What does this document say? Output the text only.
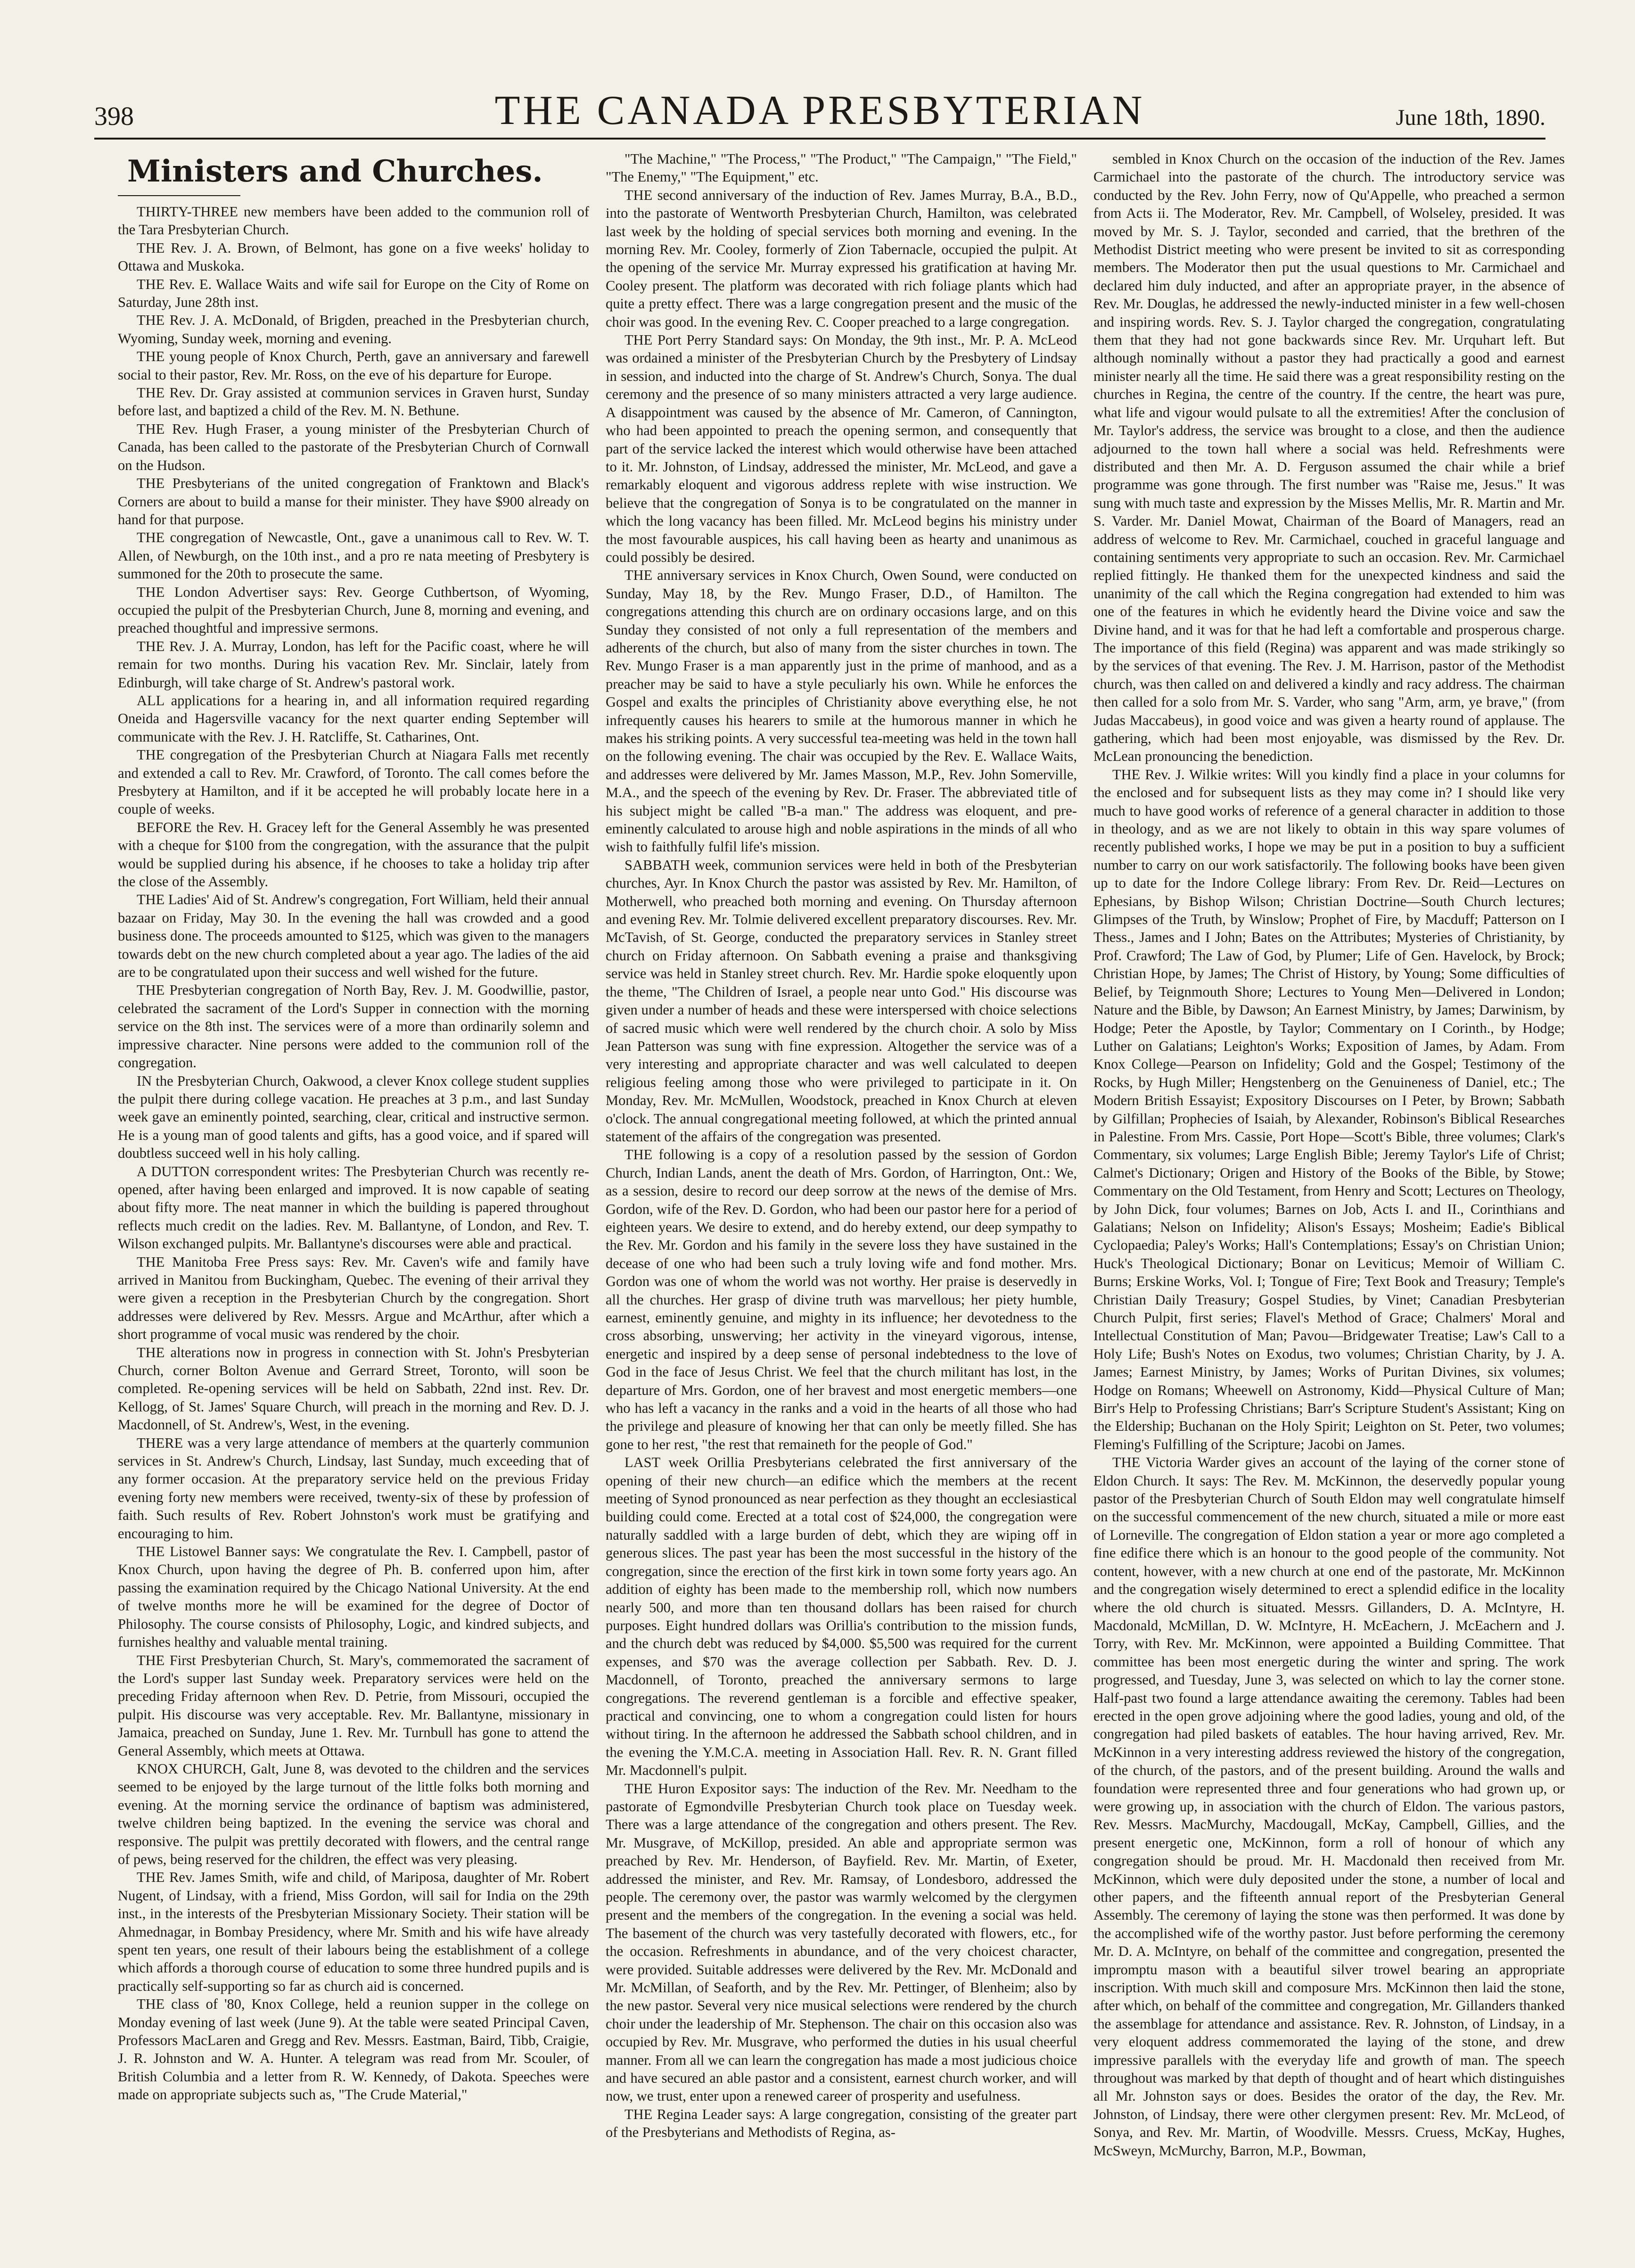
398	THE CANADA PRESBYTERIAN	June 18th, 1890.
Ministers and Churches.

THIRTY-THREE new members have been added to the communion roll of the Tara Presbyterian Church.

THE Rev. J. A. Brown, of Belmont, has gone on a five weeks' holiday to Ottawa and Muskoka.

THE Rev. E. Wallace Waits and wife sail for Europe on the City of Rome on Saturday, June 28th inst.

THE Rev. J. A. McDonald, of Brigden, preached in the Presbyterian church, Wyoming, Sunday week, morning and evening.

THE young people of Knox Church, Perth, gave an anniversary and farewell social to their pastor, Rev. Mr. Ross, on the eve of his departure for Europe.

THE Rev. Dr. Gray assisted at communion services in Graven hurst, Sunday before last, and baptized a child of the Rev. M. N. Bethune.

THE Rev. Hugh Fraser, a young minister of the Presbyterian Church of Canada, has been called to the pastorate of the Presbyterian Church of Cornwall on the Hudson.

THE Presbyterians of the united congregation of Franktown and Black's Corners are about to build a manse for their minister. They have $900 already on hand for that purpose.

THE congregation of Newcastle, Ont., gave a unanimous call to Rev. W. T. Allen, of Newburgh, on the 10th inst., and a pro re nata meeting of Presbytery is summoned for the 20th to prosecute the same.

THE London Advertiser says: Rev. George Cuthbertson, of Wyoming, occupied the pulpit of the Presbyterian Church, June 8, morning and evening, and preached thoughtful and impressive sermons.

THE Rev. J. A. Murray, London, has left for the Pacific coast, where he will remain for two months. During his vacation Rev. Mr. Sinclair, lately from Edinburgh, will take charge of St. Andrew's pastoral work.

ALL applications for a hearing in, and all information required regarding Oneida and Hagersville vacancy for the next quarter ending September will communicate with the Rev. J. H. Ratcliffe, St. Catharines, Ont.

THE congregation of the Presbyterian Church at Niagara Falls met recently and extended a call to Rev. Mr. Crawford, of Toronto. The call comes before the Presbytery at Hamilton, and if it be accepted he will probably locate here in a couple of weeks.

BEFORE the Rev. H. Gracey left for the General Assembly he was presented with a cheque for $100 from the congregation, with the assurance that the pulpit would be supplied during his absence, if he chooses to take a holiday trip after the close of the Assembly.

THE Ladies' Aid of St. Andrew's congregation, Fort William, held their annual bazaar on Friday, May 30. In the evening the hall was crowded and a good business done. The proceeds amounted to $125, which was given to the managers towards debt on the new church completed about a year ago. The ladies of the aid are to be congratulated upon their success and well wished for the future.

THE Presbyterian congregation of North Bay, Rev. J. M. Goodwillie, pastor, celebrated the sacrament of the Lord's Supper in connection with the morning service on the 8th inst. The services were of a more than ordinarily solemn and impressive character. Nine persons were added to the communion roll of the congregation.

IN the Presbyterian Church, Oakwood, a clever Knox college student supplies the pulpit there during college vacation. He preaches at 3 p.m., and last Sunday week gave an eminently pointed, searching, clear, critical and instructive sermon. He is a young man of good talents and gifts, has a good voice, and if spared will doubtless succeed well in his holy calling.

A DUTTON correspondent writes: The Presbyterian Church was recently re-opened, after having been enlarged and improved. It is now capable of seating about fifty more. The neat manner in which the building is papered throughout reflects much credit on the ladies. Rev. M. Ballantyne, of London, and Rev. T. Wilson exchanged pulpits. Mr. Ballantyne's discourses were able and practical.

THE Manitoba Free Press says: Rev. Mr. Caven's wife and family have arrived in Manitou from Buckingham, Quebec. The evening of their arrival they were given a reception in the Presbyterian Church by the congregation. Short addresses were delivered by Rev. Messrs. Argue and McArthur, after which a short programme of vocal music was rendered by the choir.

THE alterations now in progress in connection with St. John's Presbyterian Church, corner Bolton Avenue and Gerrard Street, Toronto, will soon be completed. Re-opening services will be held on Sabbath, 22nd inst. Rev. Dr. Kellogg, of St. James' Square Church, will preach in the morning and Rev. D. J. Macdonnell, of St. Andrew's, West, in the evening.

THERE was a very large attendance of members at the quarterly communion services in St. Andrew's Church, Lindsay, last Sunday, much exceeding that of any former occasion. At the preparatory service held on the previous Friday evening forty new members were received, twenty-six of these by profession of faith. Such results of Rev. Robert Johnston's work must be gratifying and encouraging to him.

THE Listowel Banner says: We congratulate the Rev. I. Campbell, pastor of Knox Church, upon having the degree of Ph. B. conferred upon him, after passing the examination required by the Chicago National University. At the end of twelve months more he will be examined for the degree of Doctor of Philosophy. The course consists of Philosophy, Logic, and kindred subjects, and furnishes healthy and valuable mental training.

THE First Presbyterian Church, St. Mary's, commemorated the sacrament of the Lord's supper last Sunday week. Preparatory services were held on the preceding Friday afternoon when Rev. D. Petrie, from Missouri, occupied the pulpit. His discourse was very acceptable. Rev. Mr. Ballantyne, missionary in Jamaica, preached on Sunday, June 1. Rev. Mr. Turnbull has gone to attend the General Assembly, which meets at Ottawa.

KNOX CHURCH, Galt, June 8, was devoted to the children and the services seemed to be enjoyed by the large turnout of the little folks both morning and evening. At the morning service the ordinance of baptism was administered, twelve children being baptized. In the evening the service was choral and responsive. The pulpit was prettily decorated with flowers, and the central range of pews, being reserved for the children, the effect was very pleasing.

THE Rev. James Smith, wife and child, of Mariposa, daughter of Mr. Robert Nugent, of Lindsay, with a friend, Miss Gordon, will sail for India on the 29th inst., in the interests of the Presbyterian Missionary Society. Their station will be Ahmednagar, in Bombay Presidency, where Mr. Smith and his wife have already spent ten years, one result of their labours being the establishment of a college which affords a thorough course of education to some three hundred pupils and is practically self-supporting so far as church aid is concerned.

THE class of '80, Knox College, held a reunion supper in the college on Monday evening of last week (June 9). At the table were seated Principal Caven, Professors MacLaren and Gregg and Rev. Messrs. Eastman, Baird, Tibb, Craigie, J. R. Johnston and W. A. Hunter. A telegram was read from Mr. Scouler, of British Columbia and a letter from R. W. Kennedy, of Dakota. Speeches were made on appropriate subjects such as, "The Crude Material,"

"The Machine," "The Process," "The Product," "The Campaign," "The Field," "The Enemy," "The Equipment," etc.

THE second anniversary of the induction of Rev. James Murray, B.A., B.D., into the pastorate of Wentworth Presbyterian Church, Hamilton, was celebrated last week by the holding of special services both morning and evening. In the morning Rev. Mr. Cooley, formerly of Zion Tabernacle, occupied the pulpit. At the opening of the service Mr. Murray expressed his gratification at having Mr. Cooley present. The platform was decorated with rich foliage plants which had quite a pretty effect. There was a large congregation present and the music of the choir was good. In the evening Rev. C. Cooper preached to a large congregation.

THE Port Perry Standard says: On Monday, the 9th inst., Mr. P. A. McLeod was ordained a minister of the Presbyterian Church by the Presbytery of Lindsay in session, and inducted into the charge of St. Andrew's Church, Sonya. The dual ceremony and the presence of so many ministers attracted a very large audience. A disappointment was caused by the absence of Mr. Cameron, of Cannington, who had been appointed to preach the opening sermon, and consequently that part of the service lacked the interest which would otherwise have been attached to it. Mr. Johnston, of Lindsay, addressed the minister, Mr. McLeod, and gave a remarkably eloquent and vigorous address replete with wise instruction. We believe that the congregation of Sonya is to be congratulated on the manner in which the long vacancy has been filled. Mr. McLeod begins his ministry under the most favourable auspices, his call having been as hearty and unanimous as could possibly be desired.

THE anniversary services in Knox Church, Owen Sound, were conducted on Sunday, May 18, by the Rev. Mungo Fraser, D.D., of Hamilton. The congregations attending this church are on ordinary occasions large, and on this Sunday they consisted of not only a full representation of the members and adherents of the church, but also of many from the sister churches in town. The Rev. Mungo Fraser is a man apparently just in the prime of manhood, and as a preacher may be said to have a style peculiarly his own. While he enforces the Gospel and exalts the principles of Christianity above everything else, he not infrequently causes his hearers to smile at the humorous manner in which he makes his striking points. A very successful tea-meeting was held in the town hall on the following evening. The chair was occupied by the Rev. E. Wallace Waits, and addresses were delivered by Mr. James Masson, M.P., Rev. John Somerville, M.A., and the speech of the evening by Rev. Dr. Fraser. The abbreviated title of his subject might be called "B-a man." The address was eloquent, and pre-eminently calculated to arouse high and noble aspirations in the minds of all who wish to faithfully fulfil life's mission.

SABBATH week, communion services were held in both of the Presbyterian churches, Ayr. In Knox Church the pastor was assisted by Rev. Mr. Hamilton, of Motherwell, who preached both morning and evening. On Thursday afternoon and evening Rev. Mr. Tolmie delivered excellent preparatory discourses. Rev. Mr. McTavish, of St. George, conducted the preparatory services in Stanley street church on Friday afternoon. On Sabbath evening a praise and thanksgiving service was held in Stanley street church. Rev. Mr. Hardie spoke eloquently upon the theme, "The Children of Israel, a people near unto God." His discourse was given under a number of heads and these were interspersed with choice selections of sacred music which were well rendered by the church choir. A solo by Miss Jean Patterson was sung with fine expression. Altogether the service was of a very interesting and appropriate character and was well calculated to deepen religious feeling among those who were privileged to participate in it. On Monday, Rev. Mr. McMullen, Woodstock, preached in Knox Church at eleven o'clock. The annual congregational meeting followed, at which the printed annual statement of the affairs of the congregation was presented.

THE following is a copy of a resolution passed by the session of Gordon Church, Indian Lands, anent the death of Mrs. Gordon, of Harrington, Ont.: We, as a session, desire to record our deep sorrow at the news of the demise of Mrs. Gordon, wife of the Rev. D. Gordon, who had been our pastor here for a period of eighteen years. We desire to extend, and do hereby extend, our deep sympathy to the Rev. Mr. Gordon and his family in the severe loss they have sustained in the decease of one who had been such a truly loving wife and fond mother. Mrs. Gordon was one of whom the world was not worthy. Her praise is deservedly in all the churches. Her grasp of divine truth was marvellous; her piety humble, earnest, eminently genuine, and mighty in its influence; her devotedness to the cross absorbing, unswerving; her activity in the vineyard vigorous, intense, energetic and inspired by a deep sense of personal indebtedness to the love of God in the face of Jesus Christ. We feel that the church militant has lost, in the departure of Mrs. Gordon, one of her bravest and most energetic members—one who has left a vacancy in the ranks and a void in the hearts of all those who had the privilege and pleasure of knowing her that can only be meetly filled. She has gone to her rest, "the rest that remaineth for the people of God."

LAST week Orillia Presbyterians celebrated the first anniversary of the opening of their new church—an edifice which the members at the recent meeting of Synod pronounced as near perfection as they thought an ecclesiastical building could come. Erected at a total cost of $24,000, the congregation were naturally saddled with a large burden of debt, which they are wiping off in generous slices. The past year has been the most successful in the history of the congregation, since the erection of the first kirk in town some forty years ago. An addition of eighty has been made to the membership roll, which now numbers nearly 500, and more than ten thousand dollars has been raised for church purposes. Eight hundred dollars was Orillia's contribution to the mission funds, and the church debt was reduced by $4,000. $5,500 was required for the current expenses, and $70 was the average collection per Sabbath. Rev. D. J. Macdonnell, of Toronto, preached the anniversary sermons to large congregations. The reverend gentleman is a forcible and effective speaker, practical and convincing, one to whom a congregation could listen for hours without tiring. In the afternoon he addressed the Sabbath school children, and in the evening the Y.M.C.A. meeting in Association Hall. Rev. R. N. Grant filled Mr. Macdonnell's pulpit.

THE Huron Expositor says: The induction of the Rev. Mr. Needham to the pastorate of Egmondville Presbyterian Church took place on Tuesday week. There was a large attendance of the congregation and others present. The Rev. Mr. Musgrave, of McKillop, presided. An able and appropriate sermon was preached by Rev. Mr. Henderson, of Bayfield. Rev. Mr. Martin, of Exeter, addressed the minister, and Rev. Mr. Ramsay, of Londesboro, addressed the people. The ceremony over, the pastor was warmly welcomed by the clergymen present and the members of the congregation. In the evening a social was held. The basement of the church was very tastefully decorated with flowers, etc., for the occasion. Refreshments in abundance, and of the very choicest character, were provided. Suitable addresses were delivered by the Rev. Mr. McDonald and Mr. McMillan, of Seaforth, and by the Rev. Mr. Pettinger, of Blenheim; also by the new pastor. Several very nice musical selections were rendered by the church choir under the leadership of Mr. Stephenson. The chair on this occasion also was occupied by Rev. Mr. Musgrave, who performed the duties in his usual cheerful manner. From all we can learn the congregation has made a most judicious choice and have secured an able pastor and a consistent, earnest church worker, and will now, we trust, enter upon a renewed career of prosperity and usefulness.

THE Regina Leader says: A large congregation, consisting of the greater part of the Presbyterians and Methodists of Regina, as-

sembled in Knox Church on the occasion of the induction of the Rev. James Carmichael into the pastorate of the church. The introductory service was conducted by the Rev. John Ferry, now of Qu'Appelle, who preached a sermon from Acts ii. The Moderator, Rev. Mr. Campbell, of Wolseley, presided. It was moved by Mr. S. J. Taylor, seconded and carried, that the brethren of the Methodist District meeting who were present be invited to sit as corresponding members. The Moderator then put the usual questions to Mr. Carmichael and declared him duly inducted, and after an appropriate prayer, in the absence of Rev. Mr. Douglas, he addressed the newly-inducted minister in a few well-chosen and inspiring words. Rev. S. J. Taylor charged the congregation, congratulating them that they had not gone backwards since Rev. Mr. Urquhart left. But although nominally without a pastor they had practically a good and earnest minister nearly all the time. He said there was a great responsibility resting on the churches in Regina, the centre of the country. If the centre, the heart was pure, what life and vigour would pulsate to all the extremities! After the conclusion of Mr. Taylor's address, the service was brought to a close, and then the audience adjourned to the town hall where a social was held. Refreshments were distributed and then Mr. A. D. Ferguson assumed the chair while a brief programme was gone through. The first number was "Raise me, Jesus." It was sung with much taste and expression by the Misses Mellis, Mr. R. Martin and Mr. S. Varder. Mr. Daniel Mowat, Chairman of the Board of Managers, read an address of welcome to Rev. Mr. Carmichael, couched in graceful language and containing sentiments very appropriate to such an occasion. Rev. Mr. Carmichael replied fittingly. He thanked them for the unexpected kindness and said the unanimity of the call which the Regina congregation had extended to him was one of the features in which he evidently heard the Divine voice and saw the Divine hand, and it was for that he had left a comfortable and prosperous charge. The importance of this field (Regina) was apparent and was made strikingly so by the services of that evening. The Rev. J. M. Harrison, pastor of the Methodist church, was then called on and delivered a kindly and racy address. The chairman then called for a solo from Mr. S. Varder, who sang "Arm, arm, ye brave," (from Judas Maccabeus), in good voice and was given a hearty round of applause. The gathering, which had been most enjoyable, was dismissed by the Rev. Dr. McLean pronouncing the benediction.

THE Rev. J. Wilkie writes: Will you kindly find a place in your columns for the enclosed and for subsequent lists as they may come in? I should like very much to have good works of reference of a general character in addition to those in theology, and as we are not likely to obtain in this way spare volumes of recently published works, I hope we may be put in a position to buy a sufficient number to carry on our work satisfactorily. The following books have been given up to date for the Indore College library: From Rev. Dr. Reid—Lectures on Ephesians, by Bishop Wilson; Christian Doctrine—South Church lectures; Glimpses of the Truth, by Winslow; Prophet of Fire, by Macduff; Patterson on I Thess., James and I John; Bates on the Attributes; Mysteries of Christianity, by Prof. Crawford; The Law of God, by Plumer; Life of Gen. Havelock, by Brock; Christian Hope, by James; The Christ of History, by Young; Some difficulties of Belief, by Teignmouth Shore; Lectures to Young Men—Delivered in London; Nature and the Bible, by Dawson; An Earnest Ministry, by James; Darwinism, by Hodge; Peter the Apostle, by Taylor; Commentary on I Corinth., by Hodge; Luther on Galatians; Leighton's Works; Exposition of James, by Adam. From Knox College—Pearson on Infidelity; Gold and the Gospel; Testimony of the Rocks, by Hugh Miller; Hengstenberg on the Genuineness of Daniel, etc.; The Modern British Essayist; Expository Discourses on I Peter, by Brown; Sabbath by Gilfillan; Prophecies of Isaiah, by Alexander, Robinson's Biblical Researches in Palestine. From Mrs. Cassie, Port Hope—Scott's Bible, three volumes; Clark's Commentary, six volumes; Large English Bible; Jeremy Taylor's Life of Christ; Calmet's Dictionary; Origen and History of the Books of the Bible, by Stowe; Commentary on the Old Testament, from Henry and Scott; Lectures on Theology, by John Dick, four volumes; Barnes on Job, Acts I. and II., Corinthians and Galatians; Nelson on Infidelity; Alison's Essays; Mosheim; Eadie's Biblical Cyclopaedia; Paley's Works; Hall's Contemplations; Essay's on Christian Union; Huck's Theological Dictionary; Bonar on Leviticus; Memoir of William C. Burns; Erskine Works, Vol. I; Tongue of Fire; Text Book and Treasury; Temple's Christian Daily Treasury; Gospel Studies, by Vinet; Canadian Presbyterian Church Pulpit, first series; Flavel's Method of Grace; Chalmers' Moral and Intellectual Constitution of Man; Pavou—Bridgewater Treatise; Law's Call to a Holy Life; Bush's Notes on Exodus, two volumes; Christian Charity, by J. A. James; Earnest Ministry, by James; Works of Puritan Divines, six volumes; Hodge on Romans; Wheewell on Astronomy, Kidd—Physical Culture of Man; Birr's Help to Professing Christians; Barr's Scripture Student's Assistant; King on the Eldership; Buchanan on the Holy Spirit; Leighton on St. Peter, two volumes; Fleming's Fulfilling of the Scripture; Jacobi on James.

THE Victoria Warder gives an account of the laying of the corner stone of Eldon Church. It says: The Rev. M. McKinnon, the deservedly popular young pastor of the Presbyterian Church of South Eldon may well congratulate himself on the successful commencement of the new church, situated a mile or more east of Lorneville. The congregation of Eldon station a year or more ago completed a fine edifice there which is an honour to the good people of the community. Not content, however, with a new church at one end of the pastorate, Mr. McKinnon and the congregation wisely determined to erect a splendid edifice in the locality where the old church is situated. Messrs. Gillanders, D. A. McIntyre, H. Macdonald, McMillan, D. W. McIntyre, H. McEachern, J. McEachern and J. Torry, with Rev. Mr. McKinnon, were appointed a Building Committee. That committee has been most energetic during the winter and spring. The work progressed, and Tuesday, June 3, was selected on which to lay the corner stone. Half-past two found a large attendance awaiting the ceremony. Tables had been erected in the open grove adjoining where the good ladies, young and old, of the congregation had piled baskets of eatables. The hour having arrived, Rev. Mr. McKinnon in a very interesting address reviewed the history of the congregation, of the church, of the pastors, and of the present building. Around the walls and foundation were represented three and four generations who had grown up, or were growing up, in association with the church of Eldon. The various pastors, Rev. Messrs. MacMurchy, Macdougall, McKay, Campbell, Gillies, and the present energetic one, McKinnon, form a roll of honour of which any congregation should be proud. Mr. H. Macdonald then received from Mr. McKinnon, which were duly deposited under the stone, a number of local and other papers, and the fifteenth annual report of the Presbyterian General Assembly. The ceremony of laying the stone was then performed. It was done by the accomplished wife of the worthy pastor. Just before performing the ceremony Mr. D. A. McIntyre, on behalf of the committee and congregation, presented the impromptu mason with a beautiful silver trowel bearing an appropriate inscription. With much skill and composure Mrs. McKinnon then laid the stone, after which, on behalf of the committee and congregation, Mr. Gillanders thanked the assemblage for attendance and assistance. Rev. R. Johnston, of Lindsay, in a very eloquent address commemorated the laying of the stone, and drew impressive parallels with the everyday life and growth of man. The speech throughout was marked by that depth of thought and of heart which distinguishes all Mr. Johnston says or does. Besides the orator of the day, the Rev. Mr. Johnston, of Lindsay, there were other clergymen present: Rev. Mr. McLeod, of Sonya, and Rev. Mr. Martin, of Woodville. Messrs. Cruess, McKay, Hughes, McSweyn, McMurchy, Barron, M.P., Bowman,
